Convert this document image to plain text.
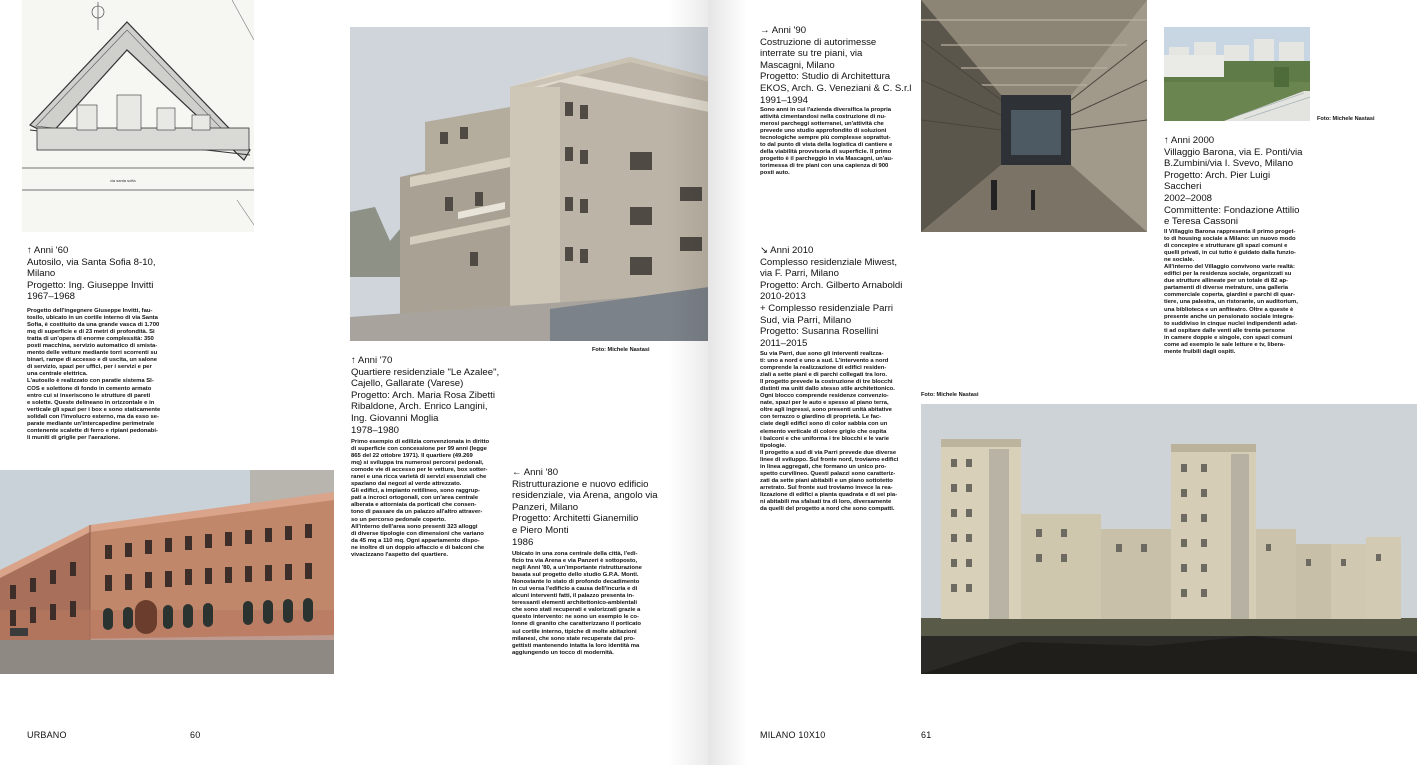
via santa sofia
↑ Anni '60
Autosilo, via Santa Sofia 8-10,
Milano
Progetto: Ing. Giuseppe Invitti
1967–1968
Progetto dell'ingegnere Giuseppe Invitti, fau-
tosilo, ubicato in un cortile interno di via Santa
Sofia, è costituito da una grande vasca di 1.700
mq di superficie e di 23 metri di profondità. Si
tratta di un'opera di enorme complessità: 350
posti macchina, servizio automatico di smista-
mento delle vetture mediante torri scorrenti su
binari, rampe di accesso e di uscita, un salone
di servizio, spazi per uffici, per i servizi e per
una centrale elettrica.
L'autosilo è realizzato con paratie sistema SI-
COS e solettone di fondo in cemento armato
entro cui si inseriscono le strutture di pareti
e solette. Queste delineano in orizzontale e in
verticale gli spazi per i box e sono staticamente
solidali con l'involucro esterno, ma da esso se-
parate mediante un'intercapedine perimetrale
contenente scalette di ferro e ripiani pedonabi-
li muniti di griglie per l'aerazione.
Foto: Michele Nastasi
↑ Anni '70
Quartiere residenziale "Le Azalee",
Cajello, Gallarate (Varese)
Progetto: Arch. Maria Rosa Zibetti
Ribaldone, Arch. Enrico Langini,
Ing. Giovanni Moglia
1978–1980
Primo esempio di edilizia convenzionata in diritto
di superficie con concessione per 99 anni (legge
865 del 22 ottobre 1971). Il quartiere (49.269
mq) si sviluppa tra numerosi percorsi pedonali,
comode vie di accesso per le vetture, box sotter-
ranei e una ricca varietà di servizi essenziali che
spaziano dai negozi al verde attrezzato.
Gli edifici, a impianto rettilineo, sono raggrup-
pati a incroci ortogonali, con un'area centrale
alberata e attorniata da porticati che consen-
tono di passare da un palazzo all'altro attraver-
so un percorso pedonale coperto.
All'interno dell'area sono presenti 323 alloggi
di diverse tipologie con dimensioni che variano
da 45 mq a 110 mq. Ogni appartamento dispo-
ne inoltre di un doppio affaccio e di balconi che
vivacizzano l'aspetto del quartiere.
← Anni '80
Ristrutturazione e nuovo edificio
residenziale, via Arena, angolo via
Panzeri, Milano
Progetto: Architetti Gianemilio
e Piero Monti
1986
Ubicato in una zona centrale della città, l'edi-
ficio tra via Arena e via Panzeri è sottoposto,
negli Anni '80, a un'importante ristrutturazione
basata sul progetto dello studio G.P.A. Monti.
Nonostante lo stato di profondo decadimento
in cui versa l'edificio a causa dell'incuria e di
alcuni interventi fatti, il palazzo presenta in-
teressanti elementi architettonico-ambientali
che sono stati recuperati e valorizzati grazie a
questo intervento: ne sono un esempio le co-
lonne di granito che caratterizzano il porticato
sul cortile interno, tipiche di molte abitazioni
milanesi, che sono state recuperate dal pro-
gettisti mantenendo intatta la loro identità ma
aggiungendo un tocco di modernità.
URBANO	60
→ Anni '90
Costruzione di autorimesse
interrate su tre piani, via
Mascagni, Milano
Progetto: Studio di Architettura
EKOS, Arch. G. Veneziani & C. S.r.l
1991–1994
Sono anni in cui l'azienda diversifica la propria
attività cimentandosi nella costruzione di nu-
merosi parcheggi sotterranei, un'attività che
prevede uno studio approfondito di soluzioni
tecnologiche sempre più complesse soprattut-
to dal punto di vista della logistica di cantiere e
della viabilità provvisoria di superficie. Il primo
progetto è il parcheggio in via Mascagni, un'au-
torimessa di tre piani con una capienza di 900
posti auto.
Foto: Michele Nastasi
↑ Anni 2000
Villaggio Barona, via E. Ponti/via
B.Zumbini/via I. Svevo, Milano
Progetto: Arch. Pier Luigi
Saccheri
2002–2008
Committente: Fondazione Attilio
e Teresa Cassoni
Il Villaggio Barona rappresenta il primo proget-
to di housing sociale a Milano: un nuovo modo
di concepire e strutturare gli spazi comuni e
quelli privati, in cui tutto è guidato dalla funzio-
ne sociale.
All'interno del Villaggio convivono varie realtà:
edifici per la residenza sociale, organizzati su
due strutture allineate per un totale di 82 ap-
partamenti di diverse metrature, una galleria
commerciale coperta, giardini e parchi di quar-
tiere, una palestra, un ristorante, un auditorium,
una biblioteca e un anfiteatro. Oltre a queste è
presente anche un pensionato sociale integra-
to suddiviso in cinque nuclei indipendenti adat-
ti ad ospitare dalle venti alle trenta persone
in camere doppie e singole, con spazi comuni
come ad esempio le sale letture e tv, libera-
mente fruibili dagli ospiti.
↘ Anni 2010
Complesso residenziale Miwest,
via F. Parri, Milano
Progetto: Arch. Gilberto Arnaboldi
2010-2013
+ Complesso residenziale Parri
Sud, via Parri, Milano
Progetto: Susanna Rosellini
2011–2015
Su via Parri, due sono gli interventi realizza-
ti: uno a nord e uno a sud. L'intervento a nord
comprende la realizzazione di edifici residen-
ziali a sette piani e di parchi collegati tra loro.
Il progetto prevede la costruzione di tre blocchi
distinti ma uniti dallo stesso stile architettonico.
Ogni blocco comprende residenze convenzio-
nate, spazi per le auto e spesso al piano terra,
oltre agli ingressi, sono presenti unità abitative
con terrazzo o giardino di proprietà. Le fac-
ciate degli edifici sono di color sabbia con un
elemento verticale di colore grigio che ospita
i balconi e che uniforma i tre blocchi e le varie
tipologie.
Il progetto a sud di via Parri prevede due diverse
linee di sviluppo. Sul fronte nord, troviamo edifici
in linea aggregati, che formano un unico pro-
spetto curvilineo. Questi palazzi sono caratteriz-
zati da sette piani abitabili e un piano sottotetto
arretrato. Sul fronte sud troviamo invece la rea-
lizzazione di edifici a pianta quadrata e di sei pia-
ni abitabili ma sfalsati tra di loro, diversamente
da quelli del progetto a nord che sono compatti.
Foto: Michele Nastasi
MILANO 10X10	61
